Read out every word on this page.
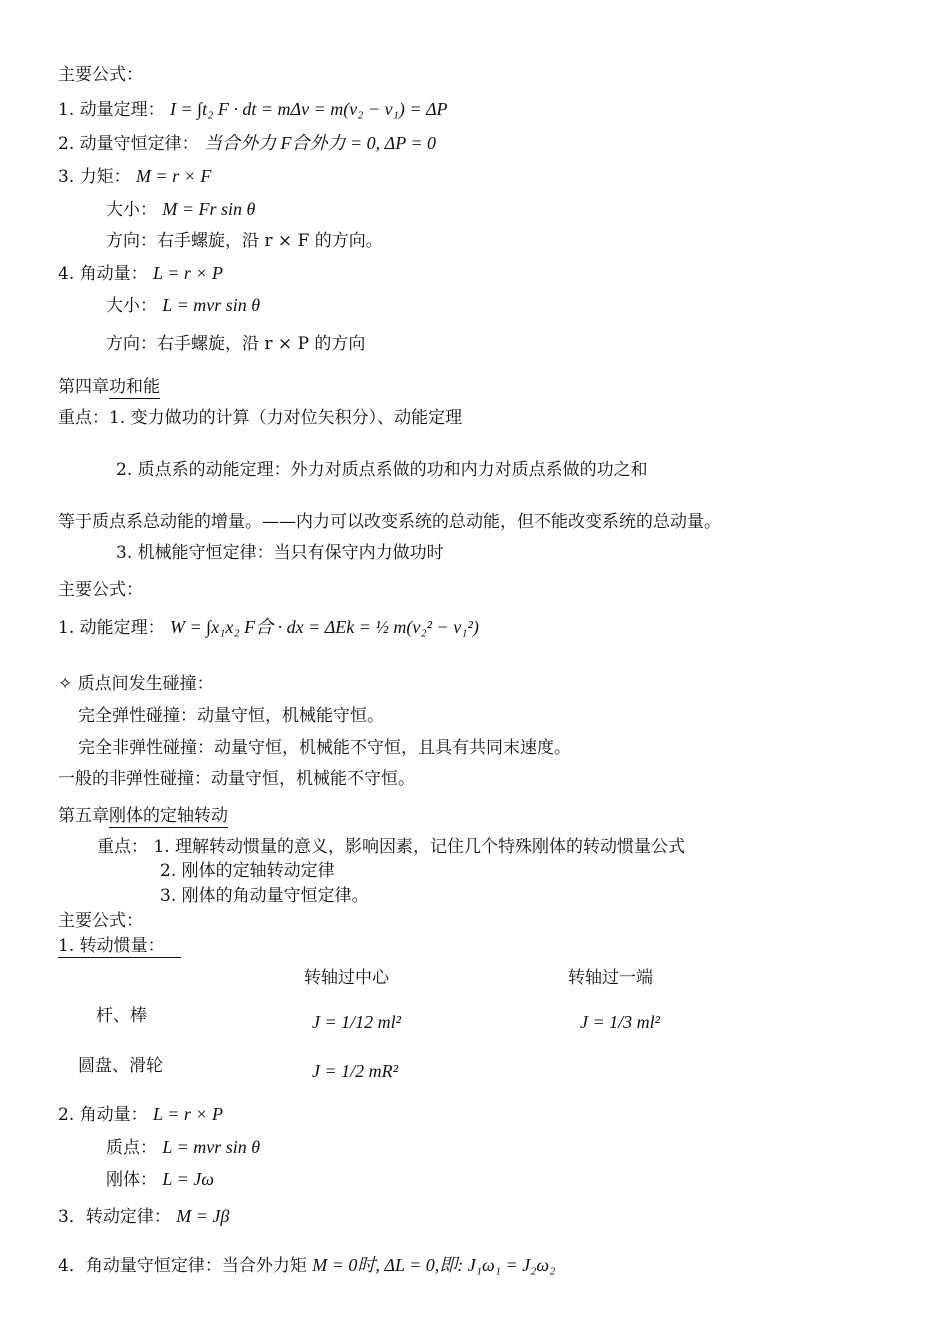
主要公式：
1. 动量定理： I = ∫t₂ F · dt = mΔv = m(v₂ − v₁) = ΔP
2. 动量守恒定律： 当合外力 F合外力 = 0, ΔP = 0
3. 力矩： M = r × F
大小： M = Fr sin θ
方向：右手螺旋，沿 r × F 的方向。
4. 角动量： L = r × P
大小： L = mvr sin θ
方向：右手螺旋，沿 r × P 的方向
第四章功和能
重点：1. 变力做功的计算（力对位矢积分）、动能定理
2. 质点系的动能定理：外力对质点系做的功和内力对质点系做的功之和
等于质点系总动能的增量。——内力可以改变系统的总动能，但不能改变系统的总动量。
3. 机械能守恒定律：当只有保守内力做功时
主要公式：
1. 动能定理： W = ∫x₁x₂ F合 · dx = ΔEk = ½ m(v₂² − v₁²)
✧ 质点间发生碰撞：
完全弹性碰撞：动量守恒，机械能守恒。
完全非弹性碰撞：动量守恒，机械能不守恒，且具有共同末速度。
一般的非弹性碰撞：动量守恒，机械能不守恒。
第五章刚体的定轴转动
重点： 1. 理解转动惯量的意义，影响因素，记住几个特殊刚体的转动惯量公式
2. 刚体的定轴转动定律
3. 刚体的角动量守恒定律。
主要公式：
1. 转动惯量：
转轴过中心	转轴过一端
杆、棒
圆盘、滑轮
J = 1/12 ml²	J = 1/3 ml²
J = 1/2 mR²
2. 角动量： L = r × P
质点： L = mvr sin θ
刚体： L = Jω
3．转动定律： M = Jβ
4．角动量守恒定律：当合外力矩 M = 0时, ΔL = 0,即: J₁ω₁ = J₂ω₂
